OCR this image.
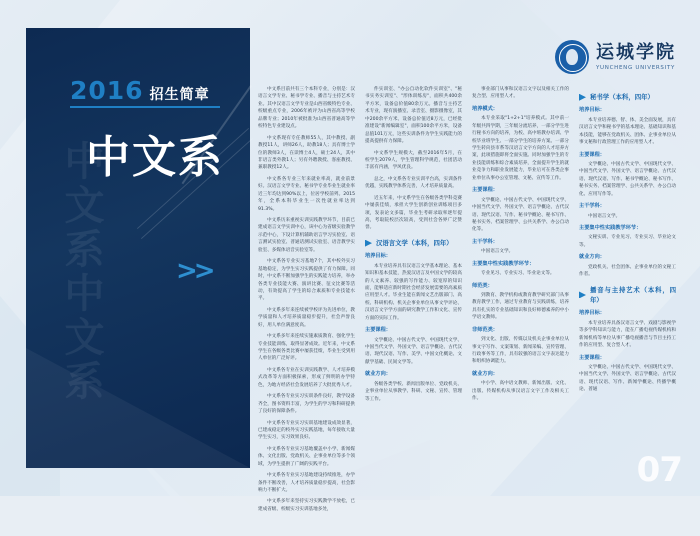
2016 招生简章
中文系中文系
中文系
>>
运城学院
YUNCHENG UNIVERSITY

中文系目前共有三个本科专业，分别是：汉语言文学专业、秘书学专业、播音与主持艺术专业。其中汉语言文学专业是山西省级特色专业、校级重点专业，2006年被评为山西省高等学校品牌专业；2010年被批准为山西省普通高等学校特色专业建设点。

中文系现有专任教师55人，其中教授、副教授11人，讲师26人，助教18人；具有博士学位的教师3人，在读博士4人，硕士24人，其中非语言类外教1人；另有外聘教授、客座教授、兼职教授12人。

中文系各专业三年来就业率高，就业前景好。汉语言文学专业、秘书学专业毕业生就业率近三年均达到90%以上，位居学校前列。2015年，全系本科毕业生一次性就业率达到91.3%。

中文系历来重视实训实践教学环节，目前已建成语言文学实训中心，该中心为省级实验教学示范中心，下设计算机辅助语言学习实验室、语言测试实验室、普通话测试实验室、语音教学实验室、多媒体语音实验室等。

中文系各专业实习基地7个，其中校外实习基地稳定，为学生实习实践提供了有力保障。同时，中文系不断加强学生的实践能力培养，举办各类专业技能大赛、演讲比赛、征文比赛等活动，有效提高了学生的综合素质和专业技能水平。

中文系多年来连续被学校评为先进单位，教学质量和人才培养质量稳步提升，社会声誉良好，用人单位满意度高。

中文系多年来连续实施素质教育、强化学生专业技能训练，取得显著成效。近年来，中文系学生在各级各类比赛中屡获佳绩，毕业生受到用人单位的广泛好评。

中文系各专业在实训实践教学、人才培养模式改革等方面积极探索，形成了鲜明的办学特色，为地方经济社会发展培养了大批优秀人才。

中文系各专业实习实训条件良好，教学设备齐全，图书资料丰富，为学生的学习和科研提供了良好的保障条件。

中文系各专业实习实训基地建设成效显著，已建成稳定的校外实习实践基地，每年接收大量学生实习，实习效果良好。

中文系各专业实习基地覆盖中小学、新闻媒体、文化出版、党政机关、企事业单位等多个领域，为学生提供了广阔的实践平台。

中文系各专业实习基地建设持续推进，办学条件不断改善，人才培养质量稳步提高，社会影响力不断扩大。

中文系多年来坚持实习实践教学不放松，已建成省级、校级实习实训基地多处，

件实训室、"办公自动化软件实训室"、"秘书实务实训室"、"形体训练房"，面积共400余平方米，设备总价值80余万元。播音与主持艺术专业，现有演播室、录音室、摄影摄像室，其中200余平方米、设备总价值近8万元，已经批准建设"新闻编辑室"，面积100余平方米，设备总值101万元，这些实训条件为学生实践能力的提高提供有力保障。

中文系学生规模大，截至2016年5月，在校学生2079人，学生管理科学规范，社团活动丰富有内涵，学风优良。

总之，中文系各专业实训平台高，实训条件优越，实践教学体系完善，人才培养质量高。

近五年来，中文系学生在各级各类学科竞赛中屡获佳绩，承担大学生创新创业训练项目多项，发表论文多篇，毕业生考研录取率逐年提高，考取院校层次较高，受到社会各界广泛赞誉。

汉语言文学（本科，四年）
培养目标：

本专业培养具有汉语言文学基本理论、基本知识和基本技能，热爱汉语言及中国文学的较高的人文素养、较强的写作能力、较宽厚的知识面，能够适应新时期社会经济发展需要的高素质应用型人才。毕业生能在新闻文艺出版部门、高校、科研机构、机关企事业单位从事文学评论、汉语言文字学方面的研究教学工作和文化、宣传方面的实际工作。

主要课程：

文学概论、中国古代文学、中国现代文学、中国当代文学、外国文学、语言学概论、古代汉语、现代汉语、写作、美学、中国文化概论、文献学基础、民间文学等。

就业方向：

各级各类学校、新闻出版单位、党政机关、企事业单位从事教学、科研、文秘、宣传、管理等工作。

事业部门从事和汉语言文字以及相关工作的复合型、应用型人才。

培养模式：

本专业采取"1+2+1"培养模式。其中前一年级共四学期，三年级分流培养，一部分学生进行秘书方向的培养，为校、高中班教办培训、学校毕业班学生、一部分学生的培养方案。一部分学生转向县市系等汉语言文字方向的人才培养方案，此项措施即将全面实施。同时加强学生的专业技能训练和综合素质培养，全面提升学生的就业竞争力和职业发展能力，毕业后可在各类企事业单位从事办公室管理、文秘、宣传等工作。

主要课程：

文学概论、中国古代文学、中国现代文学、中国当代文学、外国文学、语言学概论、古代汉语、现代汉语、写作、秘书学概论、秘书写作、秘书实务、档案管理学、公共关系学、办公自动化等。

主干学科：

中国语言文学。

主要集中性实践教学环节：

专业见习、专业实习、毕业论文等。

师范类：

到教育、教学机构或教育教学研究部门从事教育教学工作，通过专业教育与实践训练，培养具有扎实的专业基础知识和良好师德素养的中小学语文教师。

非师范类：

到文化、出版、传媒以及机关企事业单位从事文字写作、文案策划、新闻采编、宣传管理、行政事务等工作，具有较强的语言文字表达能力和组织协调能力。

就业方向：

中小学、高中语文教师、新闻出版、文化、出版、传媒机构从事汉语言文字工作及相关工作。

秘书学（本科，四年）
培养目标：

本专业培养德、智、体、美全面发展，具有汉语言文学和秘书学的基本理论、基础知识和基本技能，能够在党政机关、团体、企事业单位从事文秘和行政管理工作的应用型人才。

主要课程：

文学概论、中国古代文学、中国现代文学、中国当代文学、外国文学、语言学概论、古代汉语、现代汉语、写作、秘书学概论、秘书写作、秘书实务、档案管理学、公共关系学、办公自动化、应用写作等。

主干学科：

中国语言文学。

主要集中性实践教学环节：

文秘实训、专业见习、专业实习、毕业论文等。

就业方向：

党政机关、社会团体、企事业单位的文秘工作者。

播音与主持艺术（本科，四年）
培养目标：

本专业培养具备汉语言文学、戏剧与影视学等多学科知识与能力，能在广播电视传媒机构和新闻机构等单位从事广播电视播音与节目主持工作的应用型、复合型人才。

主要课程：

文学概论、中国古代文学、中国现代文学、中国当代文学、外国文学、语言学概论、古代汉语、现代汉语、写作、新闻学概论、传播学概论、普通

07
